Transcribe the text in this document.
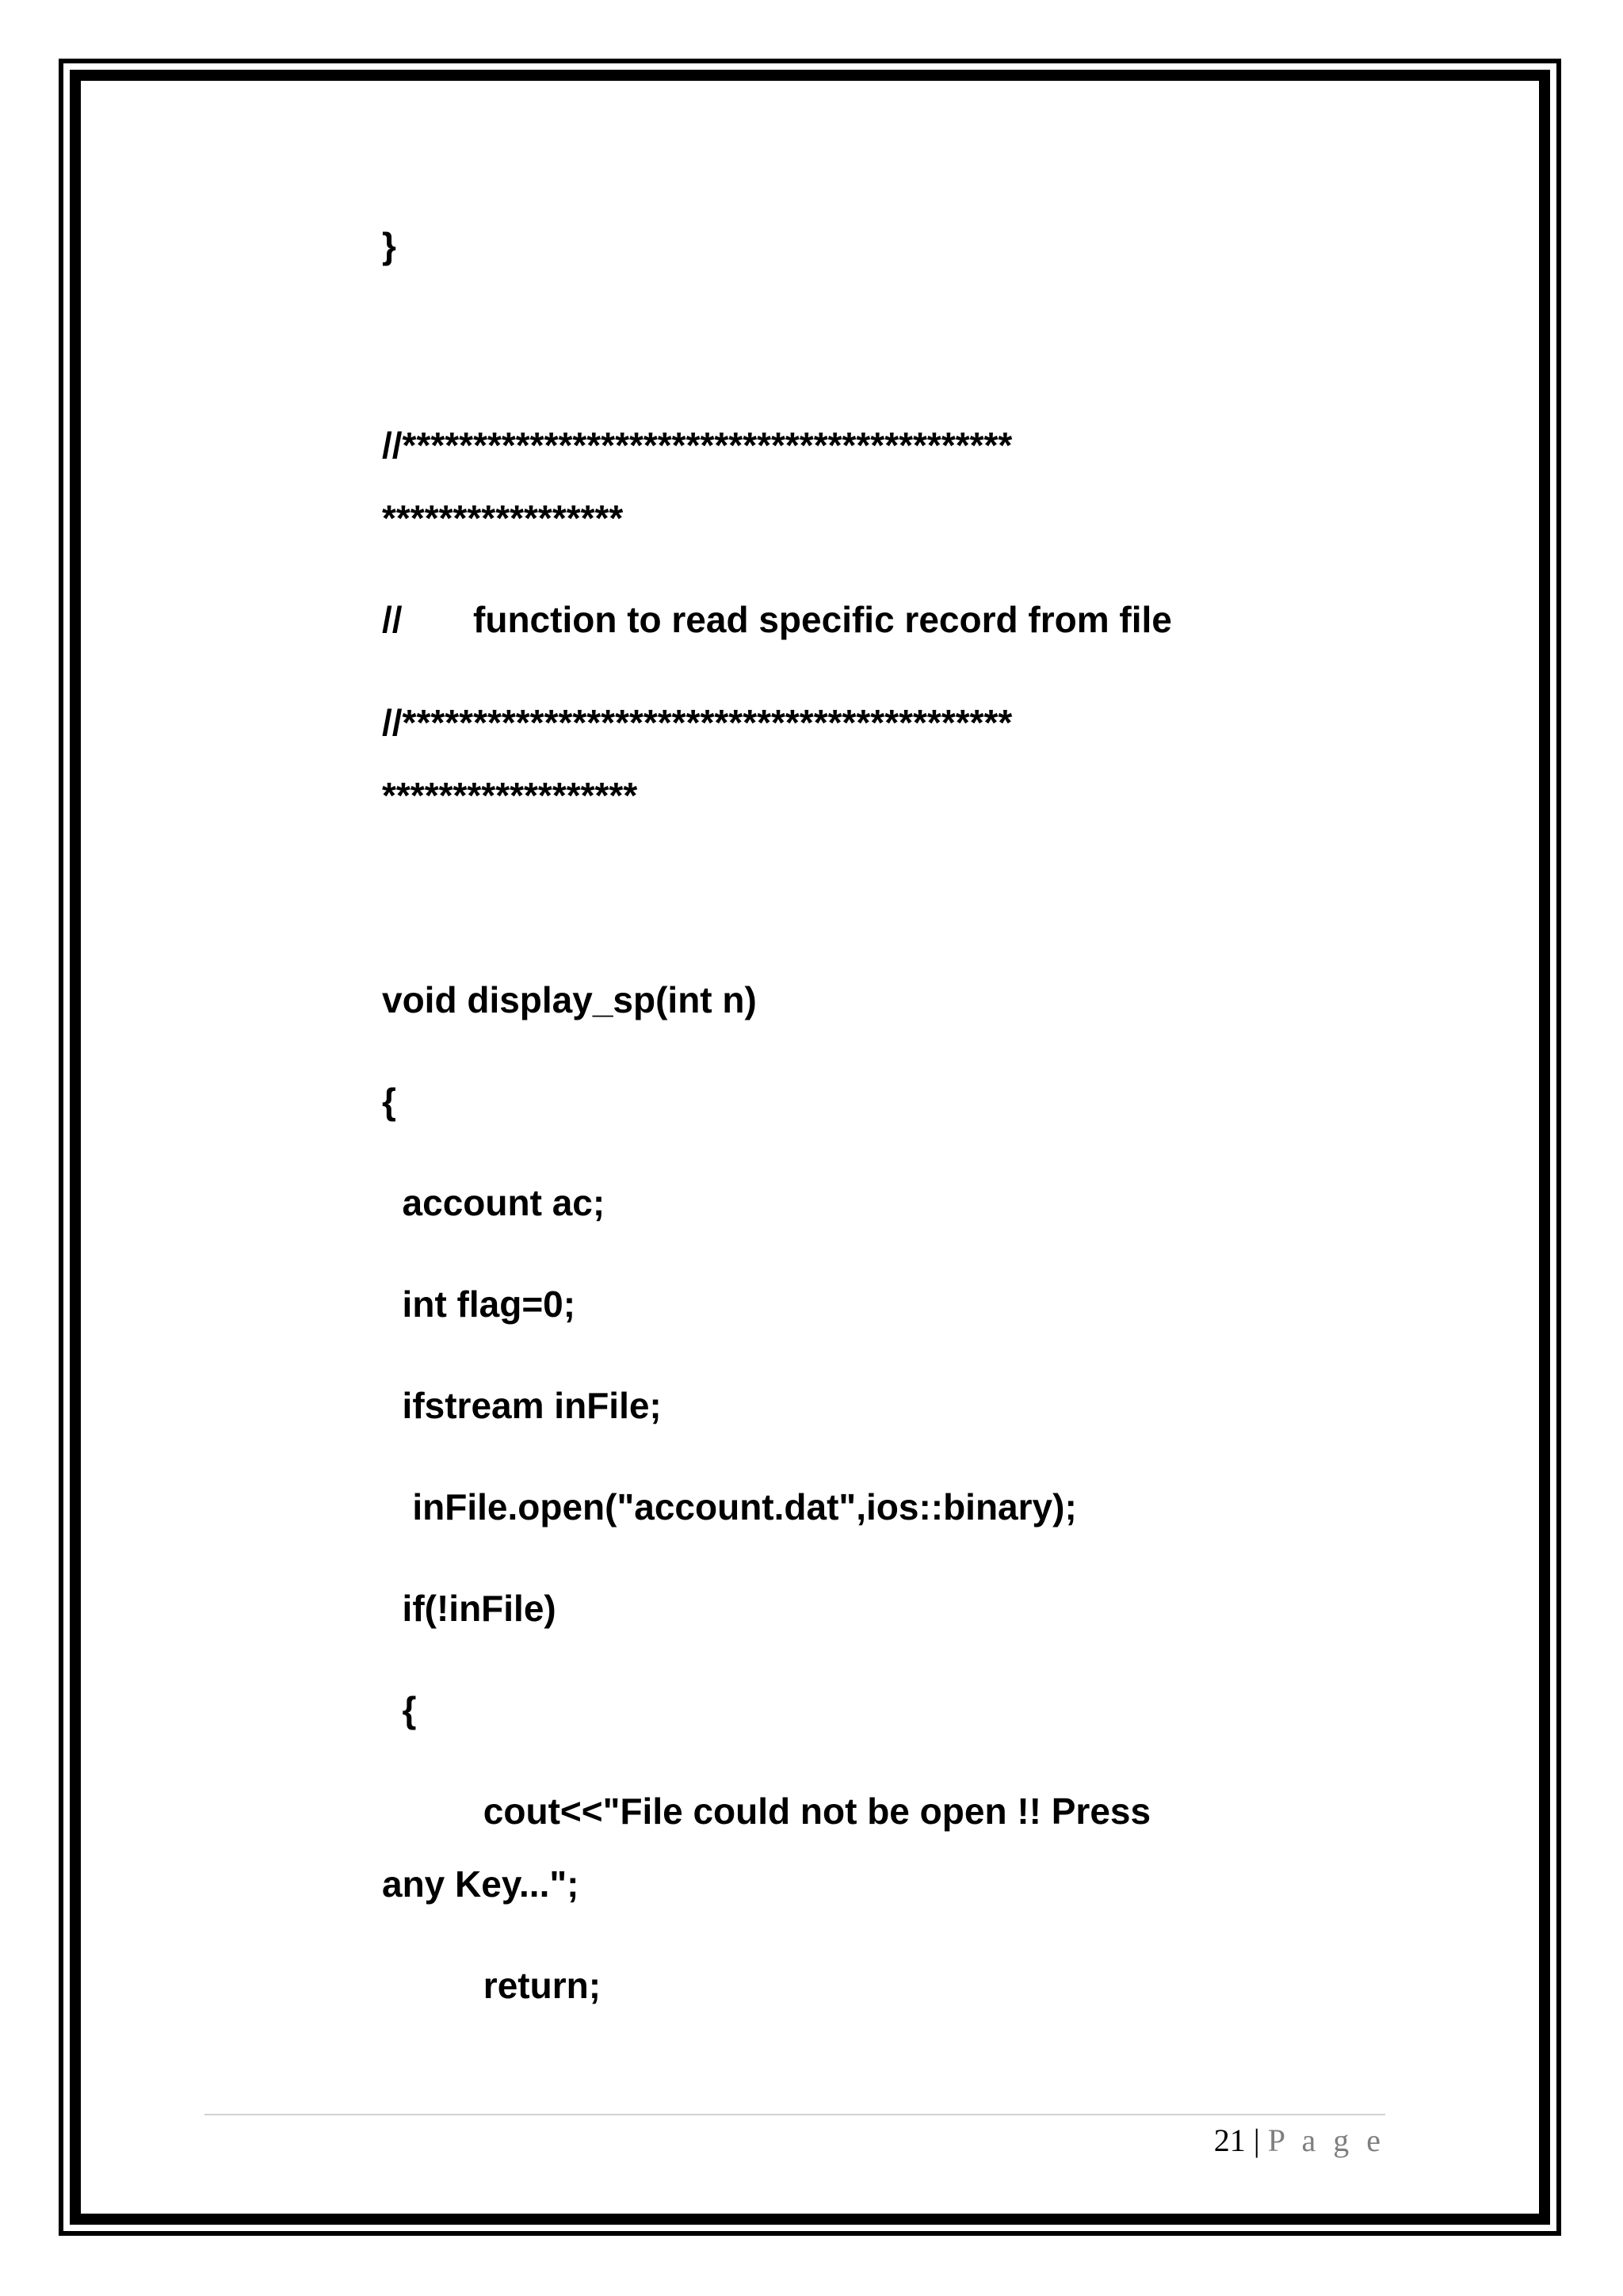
}
//*******************************************
*****************
//       function to read specific record from file
//*******************************************
******************
void display_sp(int n)
{
account ac;
int flag=0;
ifstream inFile;
inFile.open("account.dat",ios::binary);
if(!inFile)
{
cout<<"File could not be open !! Press
any Key...";
return;
21 | P a g e
